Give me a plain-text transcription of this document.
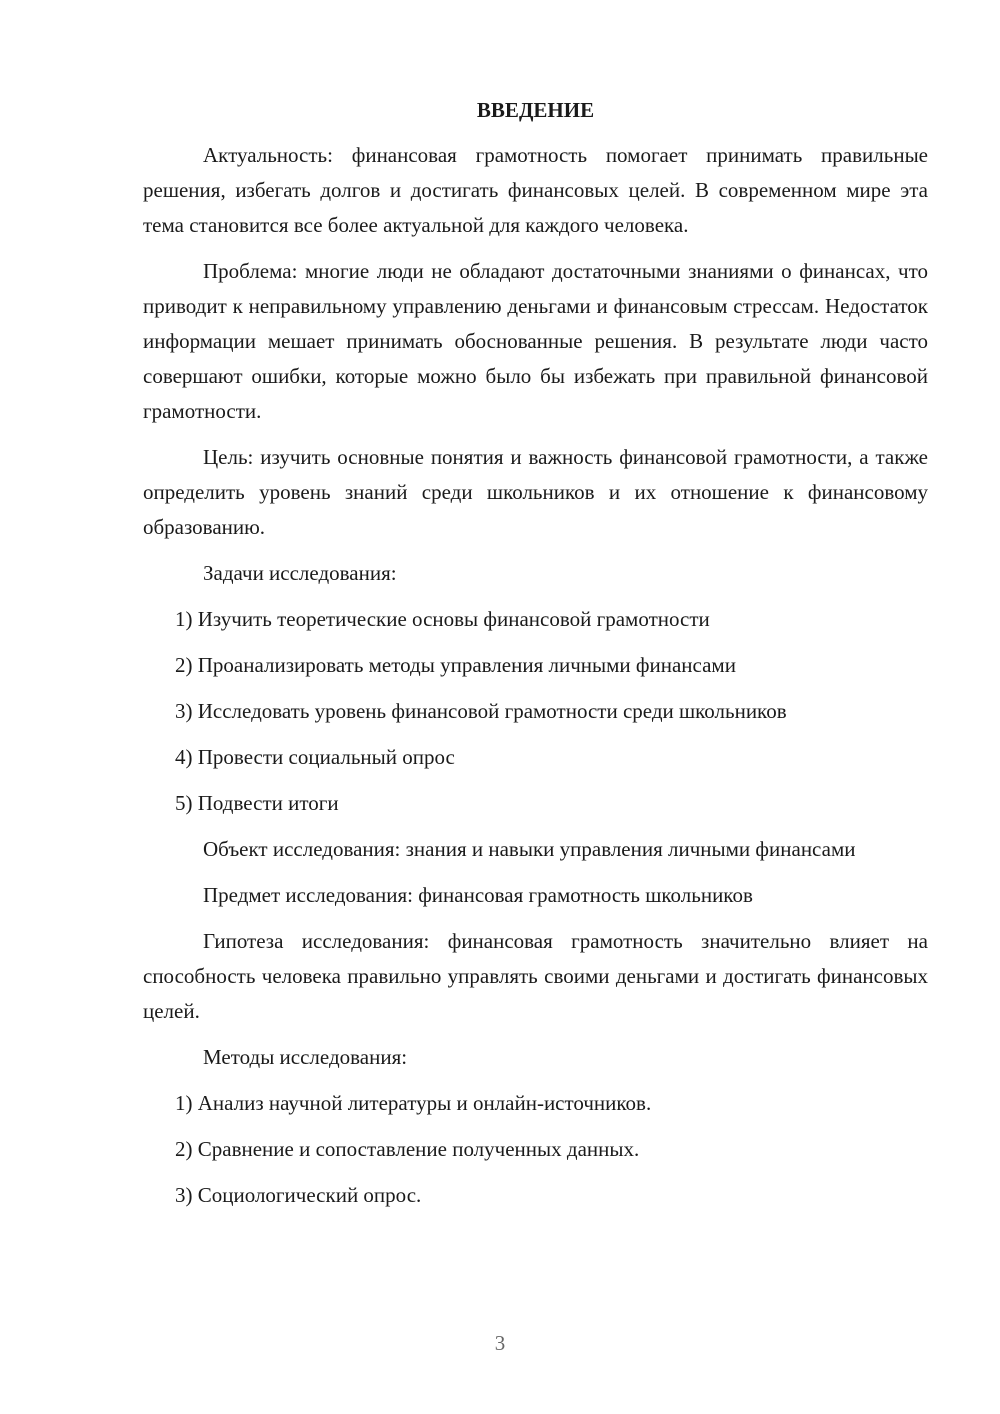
ВВЕДЕНИЕ

Актуальность: финансовая грамотность помогает принимать правильные решения, избегать долгов и достигать финансовых целей. В современном мире эта тема становится все более актуальной для каждого человека.

Проблема: многие люди не обладают достаточными знаниями о финансах, что приводит к неправильному управлению деньгами и финансовым стрессам. Недостаток информации мешает принимать обоснованные решения. В результате люди часто совершают ошибки, которые можно было бы избежать при правильной финансовой грамотности.

Цель: изучить основные понятия и важность финансовой грамотности, а также определить уровень знаний среди школьников и их отношение к финансовому образованию.

Задачи исследования:

1) Изучить теоретические основы финансовой грамотности

2) Проанализировать методы управления личными финансами

3) Исследовать уровень финансовой грамотности среди школьников

4) Провести социальный опрос

5) Подвести итоги

Объект исследования: знания и навыки управления личными финансами

Предмет исследования: финансовая грамотность школьников

Гипотеза исследования: финансовая грамотность значительно влияет на способность человека правильно управлять своими деньгами и достигать финансовых целей.

Методы исследования:

1) Анализ научной литературы и онлайн-источников.

2) Сравнение и сопоставление полученных данных.

3) Социологический опрос.

3
